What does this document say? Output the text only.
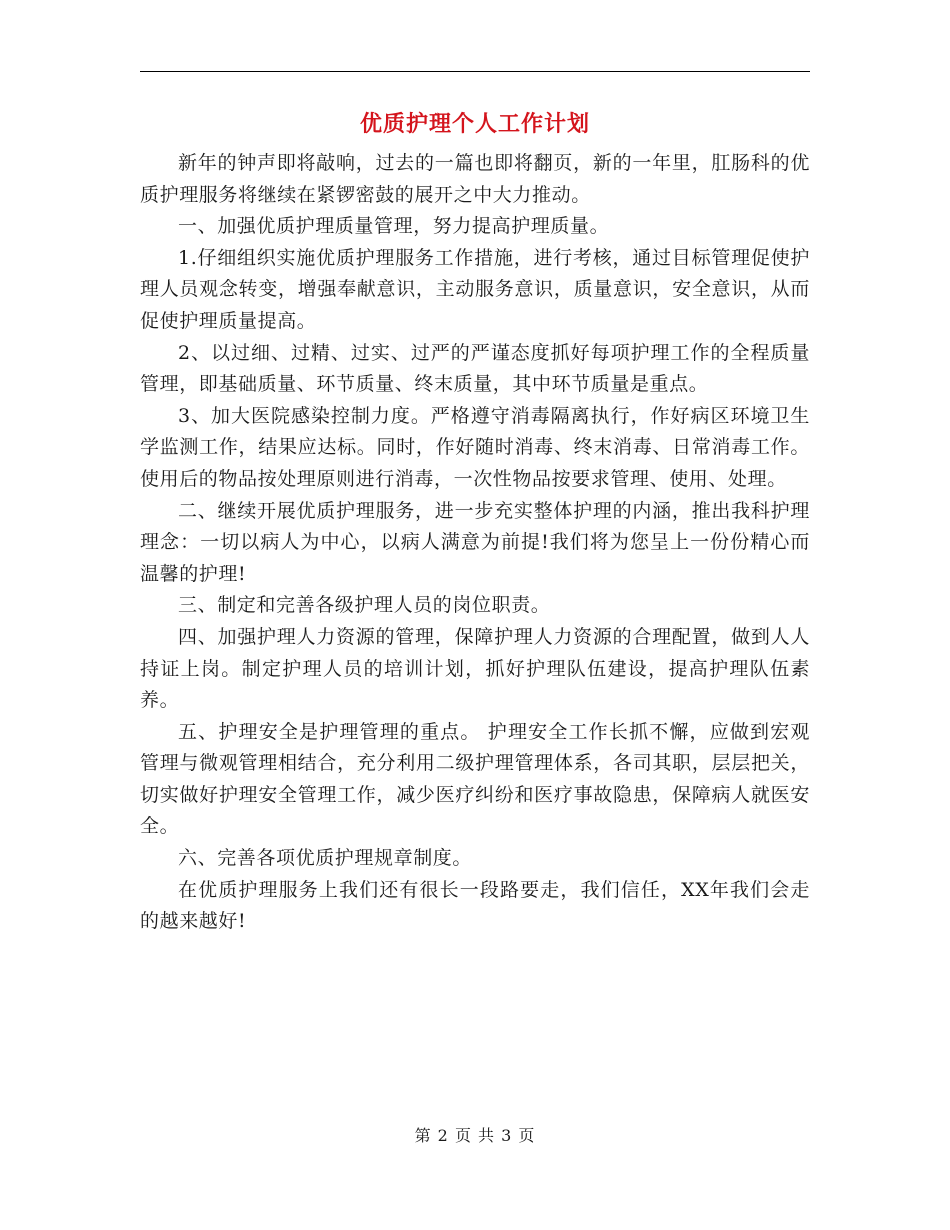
优质护理个人工作计划

新年的钟声即将敲响，过去的一篇也即将翻页，新的一年里，肛肠科的优质护理服务将继续在紧锣密鼓的展开之中大力推动。

一、加强优质护理质量管理，努力提高护理质量。

1.仔细组织实施优质护理服务工作措施，进行考核，通过目标管理促使护理人员观念转变，增强奉献意识，主动服务意识，质量意识，安全意识，从而促使护理质量提高。

2、以过细、过精、过实、过严的严谨态度抓好每项护理工作的全程质量管理，即基础质量、环节质量、终末质量，其中环节质量是重点。

3、加大医院感染控制力度。严格遵守消毒隔离执行，作好病区环境卫生学监测工作，结果应达标。同时，作好随时消毒、终末消毒、日常消毒工作。使用后的物品按处理原则进行消毒，一次性物品按要求管理、使用、处理。

二、继续开展优质护理服务，进一步充实整体护理的内涵，推出我科护理理念：一切以病人为中心，以病人满意为前提!我们将为您呈上一份份精心而温馨的护理!

三、制定和完善各级护理人员的岗位职责。

四、加强护理人力资源的管理，保障护理人力资源的合理配置，做到人人持证上岗。制定护理人员的培训计划，抓好护理队伍建设，提高护理队伍素养。

五、护理安全是护理管理的重点。 护理安全工作长抓不懈，应做到宏观管理与微观管理相结合，充分利用二级护理管理体系，各司其职，层层把关，切实做好护理安全管理工作，减少医疗纠纷和医疗事故隐患，保障病人就医安全。

六、完善各项优质护理规章制度。

在优质护理服务上我们还有很长一段路要走，我们信任，XX年我们会走的越来越好!

第 2 页 共 3 页
